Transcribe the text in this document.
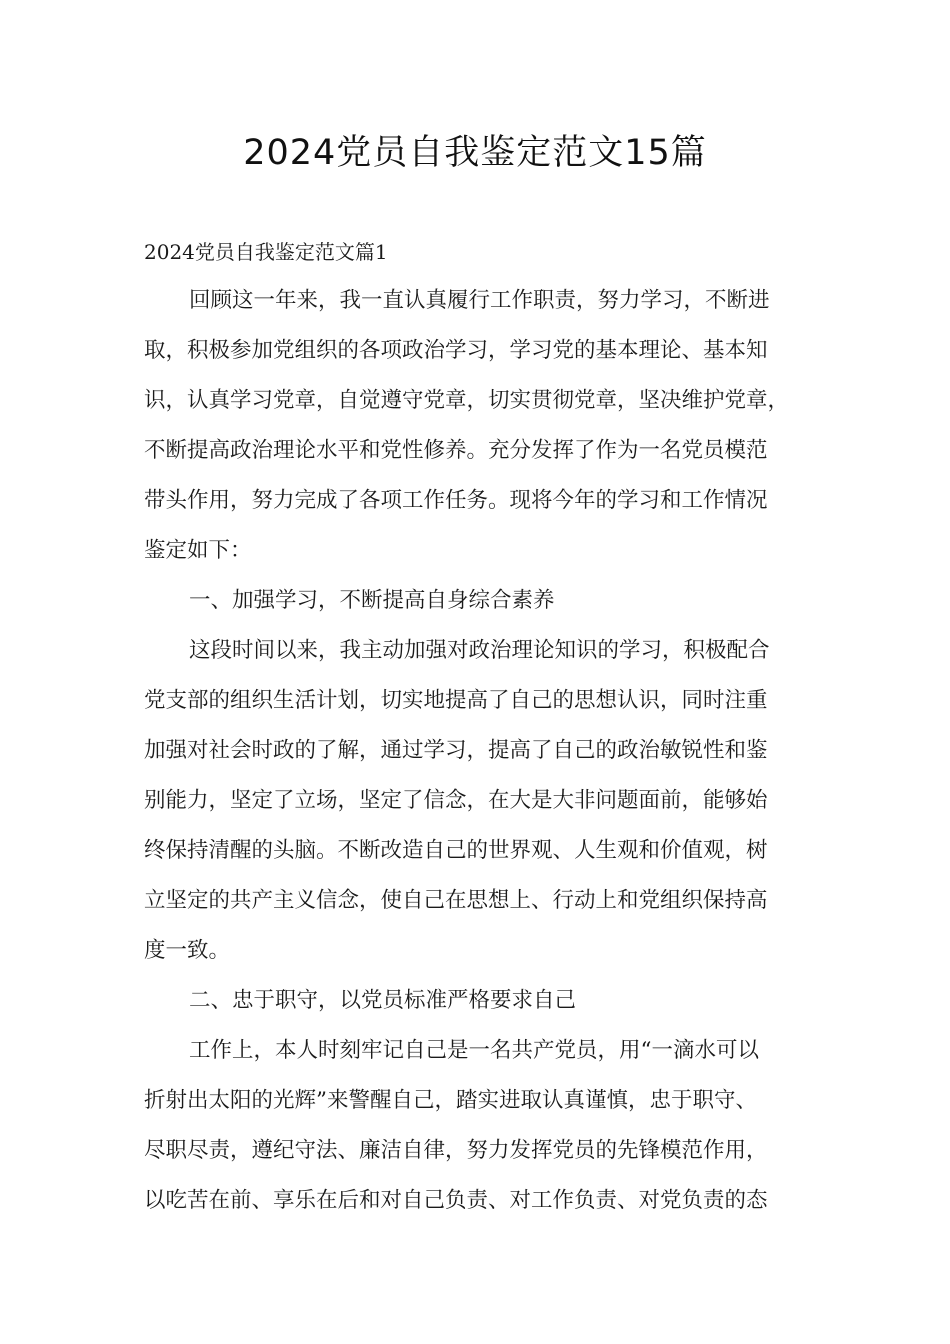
2024党员自我鉴定范文15篇

2024党员自我鉴定范文篇1

回顾这一年来，我一直认真履行工作职责，努力学习，不断进
取，积极参加党组织的各项政治学习，学习党的基本理论、基本知
识，认真学习党章，自觉遵守党章，切实贯彻党章，坚决维护党章，
不断提高政治理论水平和党性修养。充分发挥了作为一名党员模范
带头作用，努力完成了各项工作任务。现将今年的学习和工作情况
鉴定如下：
一、加强学习，不断提高自身综合素养
这段时间以来，我主动加强对政治理论知识的学习，积极配合
党支部的组织生活计划，切实地提高了自己的思想认识，同时注重
加强对社会时政的了解，通过学习，提高了自己的政治敏锐性和鉴
别能力，坚定了立场，坚定了信念，在大是大非问题面前，能够始
终保持清醒的头脑。不断改造自己的世界观、人生观和价值观，树
立坚定的共产主义信念，使自己在思想上、行动上和党组织保持高
度一致。
二、忠于职守，以党员标准严格要求自己
工作上，本人时刻牢记自己是一名共产党员，用“一滴水可以
折射出太阳的光辉”来警醒自己，踏实进取认真谨慎，忠于职守、
尽职尽责，遵纪守法、廉洁自律，努力发挥党员的先锋模范作用，
以吃苦在前、享乐在后和对自己负责、对工作负责、对党负责的态
